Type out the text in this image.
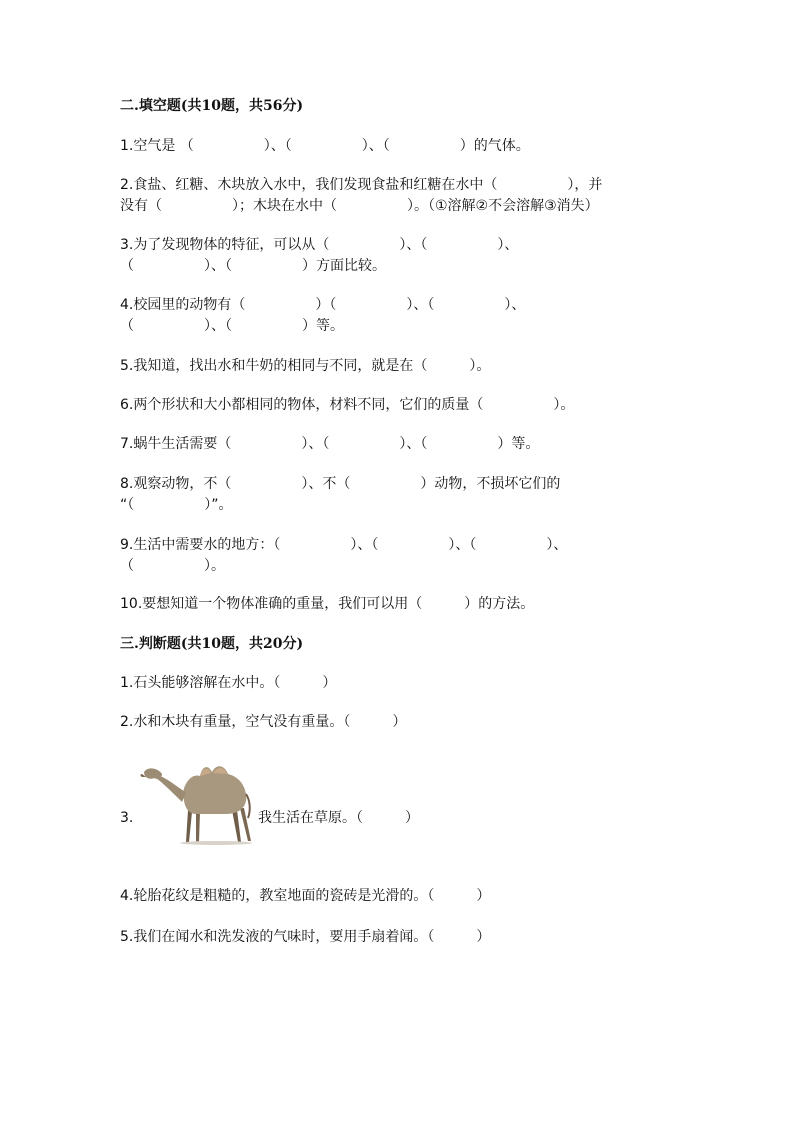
二.填空题(共10题，共56分)
1.空气是 （　　　　　）、（　　　　　）、（　　　　　）的气体。
2.食盐、红糖、木块放入水中，我们发现食盐和红糖在水中（　　　　　），并
没有（　　　　　）；木块在水中（　　　　　）。（①溶解②不会溶解③消失）
3.为了发现物体的特征，可以从（　　　　　）、（　　　　　）、
（　　　　　）、（　　　　　）方面比较。
4.校园里的动物有（　　　　　）（　　　　　）、（　　　　　）、
（　　　　　）、（　　　　　）等。
5.我知道，找出水和牛奶的相同与不同，就是在（　　　）。
6.两个形状和大小都相同的物体，材料不同，它们的质量（　　　　　）。
7.蜗牛生活需要（　　　　　）、（　　　　　）、（　　　　　）等。
8.观察动物，不（　　　　　）、不（　　　　　）动物，不损坏它们的
“（　　　　　）”。
9.生活中需要水的地方：（　　　　　）、（　　　　　）、（　　　　　）、
（　　　　　）。
10.要想知道一个物体准确的重量，我们可以用（　　　）的方法。
三.判断题(共10题，共20分)
1.石头能够溶解在水中。（　　　）
2.水和木块有重量，空气没有重量。（　　　）
3.	我生活在草原。（　　　）
4.轮胎花纹是粗糙的，教室地面的瓷砖是光滑的。（　　　）
5.我们在闻水和洗发液的气味时，要用手扇着闻。（　　　）
